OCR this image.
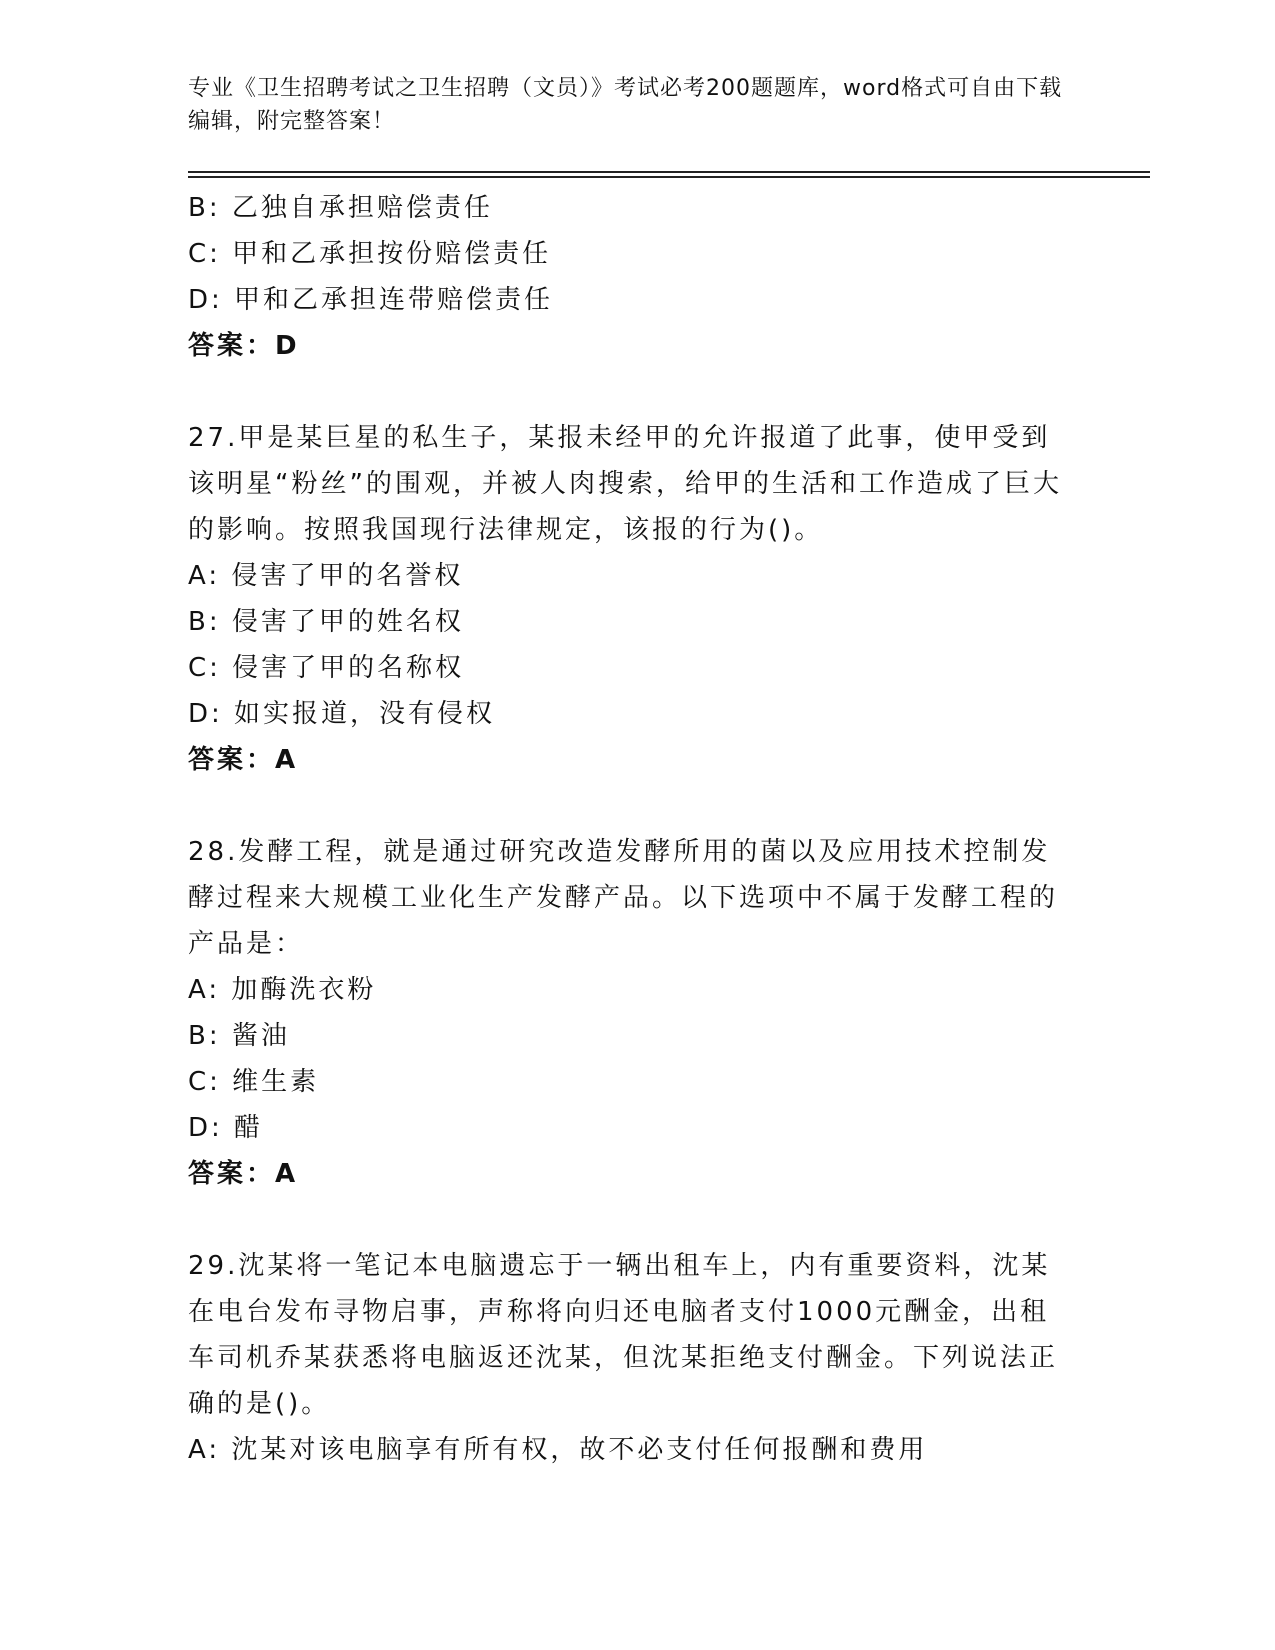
专业《卫生招聘考试之卫生招聘（文员）》考试必考200题题库，word格式可自由下载编辑，附完整答案！
B: 乙独自承担赔偿责任
C: 甲和乙承担按份赔偿责任
D: 甲和乙承担连带赔偿责任
答案：D
27.甲是某巨星的私生子，某报未经甲的允许报道了此事，使甲受到该明星“粉丝”的围观，并被人肉搜索，给甲的生活和工作造成了巨大的影响。按照我国现行法律规定，该报的行为()。
A: 侵害了甲的名誉权
B: 侵害了甲的姓名权
C: 侵害了甲的名称权
D: 如实报道，没有侵权
答案：A
28.发酵工程，就是通过研究改造发酵所用的菌以及应用技术控制发酵过程来大规模工业化生产发酵产品。以下选项中不属于发酵工程的产品是：
A: 加酶洗衣粉
B: 酱油
C: 维生素
D: 醋
答案：A
29.沈某将一笔记本电脑遗忘于一辆出租车上，内有重要资料，沈某在电台发布寻物启事，声称将向归还电脑者支付1000元酬金，出租车司机乔某获悉将电脑返还沈某，但沈某拒绝支付酬金。下列说法正确的是()。
A: 沈某对该电脑享有所有权，故不必支付任何报酬和费用
